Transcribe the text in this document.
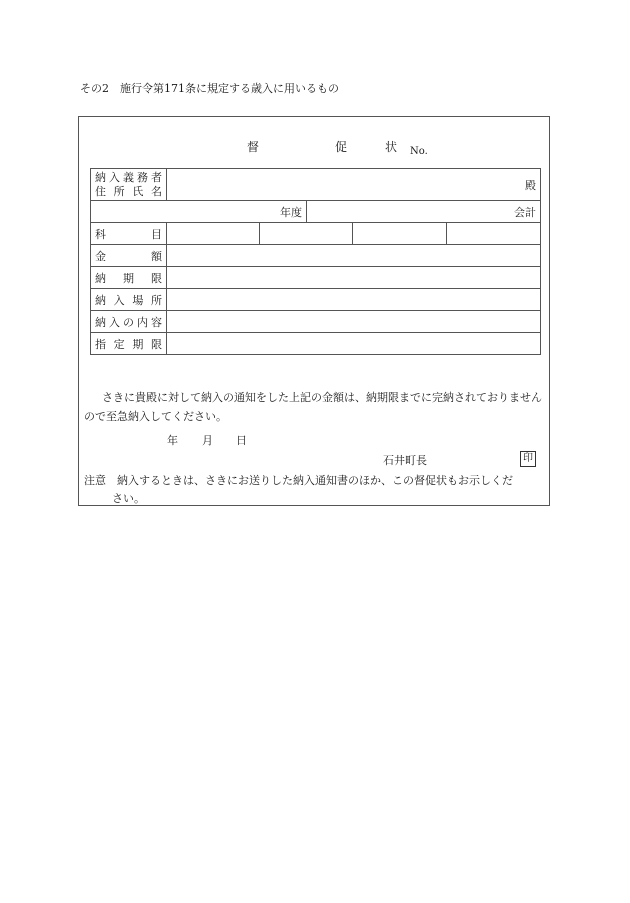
その2　施行令第171条に規定する歳入に用いるもの
督	促	状 No.
納入義務者
住所氏名	殿				
年度			会計		
科　目					
金　額					
納期限					
納入場所					
納入の内容					
指定期限					
さきに貴殿に対して納入の通知をした上記の金額は、納期限までに完納されておりませんので至急納入してください。
年 月 日
石井町長	印
注意　納入するときは、さきにお送りした納入通知書のほか、この督促状もお示しくだ
さい。
